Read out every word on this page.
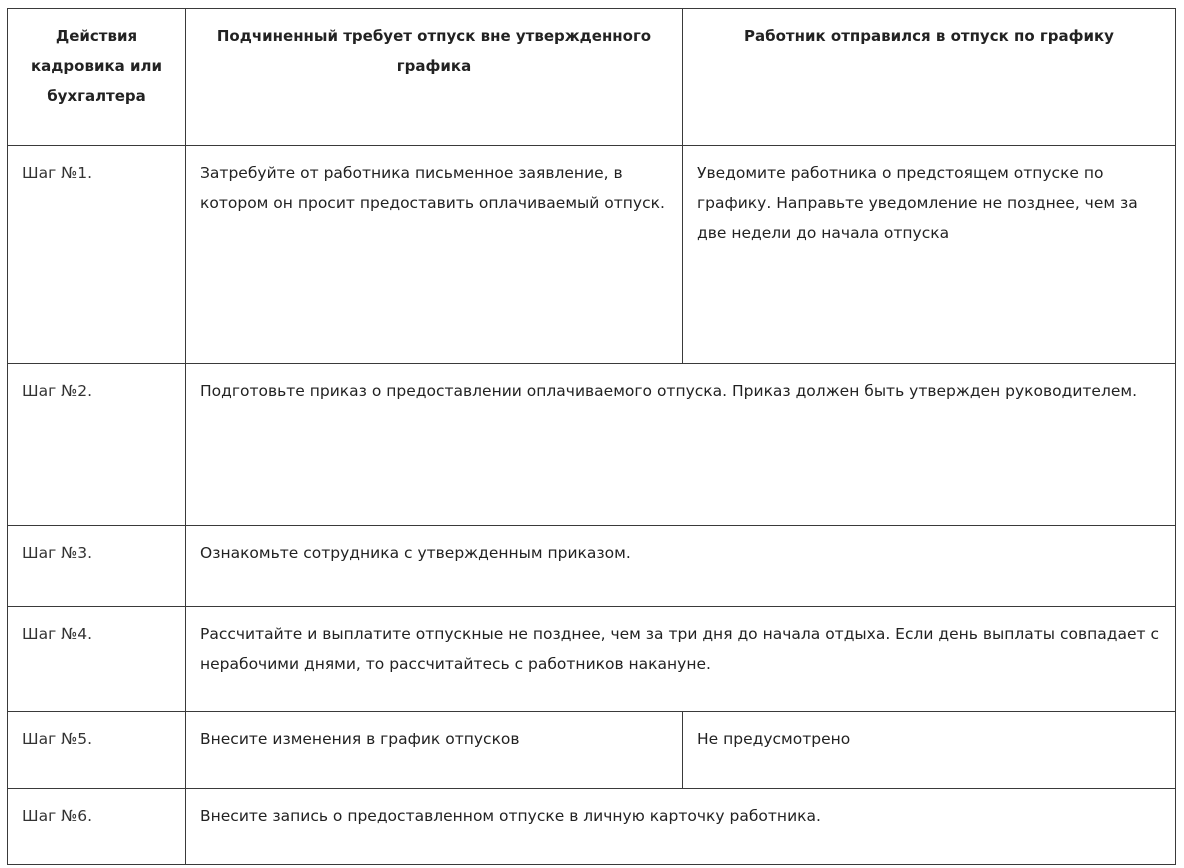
Действия кадровика или бухгалтера	Подчиненный требует отпуск вне утвержденного графика	Работник отправился в отпуск по графику
Шаг №1.	Затребуйте от работника письменное заявление, в котором он просит предоставить оплачиваемый отпуск.	Уведомите работника о предстоящем отпуске по графику. Направьте уведомление не позднее, чем за две недели до начала отпуска
Шаг №2.	Подготовьте приказ о предоставлении оплачиваемого отпуска. Приказ должен быть утвержден руководителем.	
Шаг №3.	Ознакомьте сотрудника с утвержденным приказом.	
Шаг №4.	Рассчитайте и выплатите отпускные не позднее, чем за три дня до начала отдыха. Если день выплаты совпадает с нерабочими днями, то рассчитайтесь с работников накануне.	
Шаг №5.	Внесите изменения в график отпусков	Не предусмотрено
Шаг №6.	Внесите запись о предоставленном отпуске в личную карточку работника.	
